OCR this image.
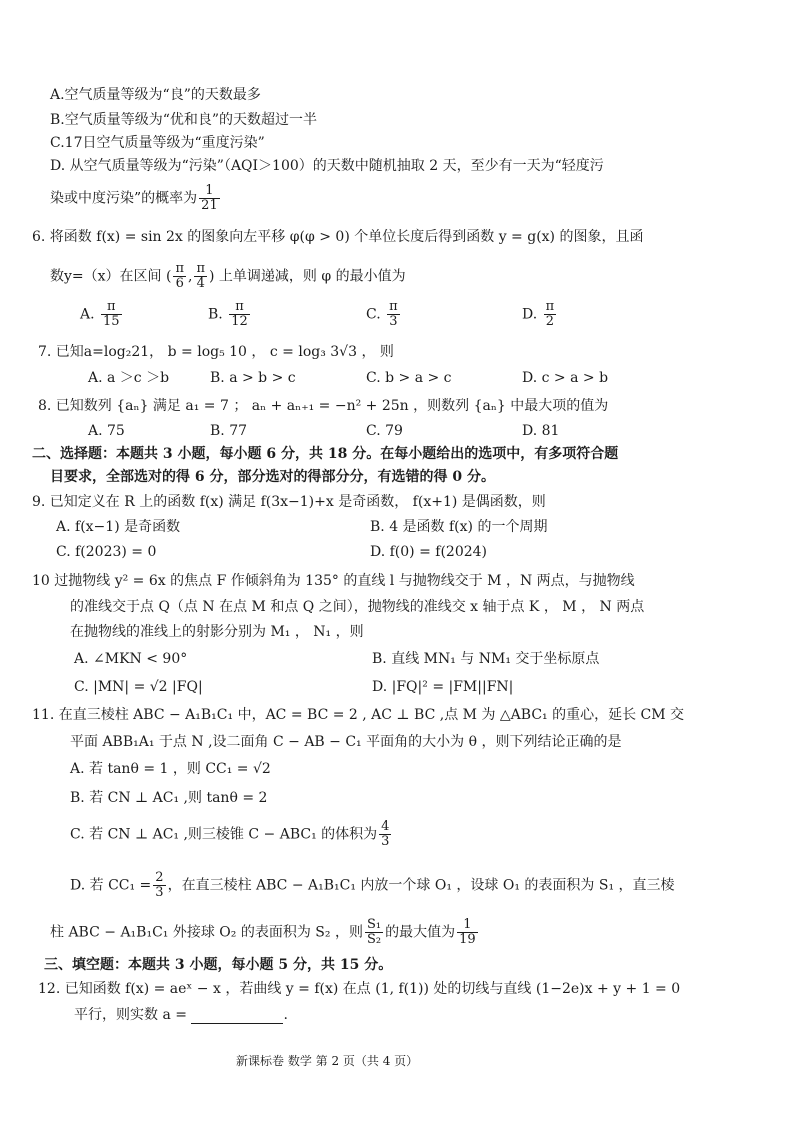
A.空气质量等级为“良”的天数最多
B.空气质量等级为“优和良”的天数超过一半
C.17日空气质量等级为“重度污染”
D. 从空气质量等级为“污染”（AQI＞100）的天数中随机抽取 2 天，至少有一天为“轻度污
染或中度污染”的概率为 $\frac{1}{21}$
6. 将函数 f(x) = sin 2x 的图象向左平移 φ(φ > 0) 个单位长度后得到函数 y = g(x) 的图象，且函
数y=（x）在区间 ( $\frac{\pi}{6}$ , $\frac{\pi}{4}$ ) 上单调递减，则 φ 的最小值为
A. $\frac{\pi}{15}$	B. $\frac{\pi}{12}$	C. $\frac{\pi}{3}$	D. $\frac{\pi}{2}$
7. 已知a=log₂21， b = log₅ 10 ， c = log₃ 3√3 ， 则
A. a ＞c ＞b	B. a > b > c	C. b > a > c	D. c > a > b
8. 已知数列 {aₙ} 满足 a₁ = 7 ； aₙ + aₙ₊₁ = −n² + 25n ，则数列 {aₙ} 中最大项的值为
A. 75	B. 77	C. 79	D. 81
二、选择题：本题共 3 小题，每小题 6 分，共 18 分。在每小题给出的选项中，有多项符合题
目要求，全部选对的得 6 分，部分选对的得部分分，有选错的得 0 分。
9. 已知定义在 R 上的函数 f(x) 满足 f(3x−1)+x 是奇函数， f(x+1) 是偶函数，则
A. f(x−1) 是奇函数	B. 4 是函数 f(x) 的一个周期
C. f(2023) = 0	D. f(0) = f(2024)
10 过抛物线 y² = 6x 的焦点 F 作倾斜角为 135° 的直线 l 与抛物线交于 M ，N 两点，与抛物线
的准线交于点 Q（点 N 在点 M 和点 Q 之间），抛物线的准线交 x 轴于点 K ， M ， N 两点
在抛物线的准线上的射影分别为 M₁ ， N₁ ，则
A. ∠MKN < 90°	B. 直线 MN₁ 与 NM₁ 交于坐标原点
C. |MN| = √2 |FQ|	D. |FQ|² = |FM||FN|
11. 在直三棱柱 ABC − A₁B₁C₁ 中，AC = BC = 2 , AC ⊥ BC ,点 M 为 △ABC₁ 的重心，延长 CM 交
平面 ABB₁A₁ 于点 N ,设二面角 C − AB − C₁ 平面角的大小为 θ ，则下列结论正确的是
A. 若 tanθ = 1 ，则 CC₁ = √2
B. 若 CN ⊥ AC₁ ,则 tanθ = 2
C. 若 CN ⊥ AC₁ ,则三棱锥 C − ABC₁ 的体积为 $\frac{4}{3}$
D. 若 $CC_1 = \frac{2}{3}$ ，在直三棱柱 ABC − A₁B₁C₁ 内放一个球 O₁ ，设球 O₁ 的表面积为 S₁ ，直三棱
柱 ABC − A₁B₁C₁ 外接球 O₂ 的表面积为 S₂ ，则 $\frac{\text{S₁}}{\text{S₂}}$ 的最大值为 $\frac{1}{19}$
三、填空题：本题共 3 小题，每小题 5 分，共 15 分。
12. 已知函数 f(x) = aeˣ − x ，若曲线 y = f(x) 在点 (1, f(1)) 处的切线与直线 (1−2e)x + y + 1 = 0
平行，则实数 a =	.
新课标卷 数学 第 2 页（共 4 页）
